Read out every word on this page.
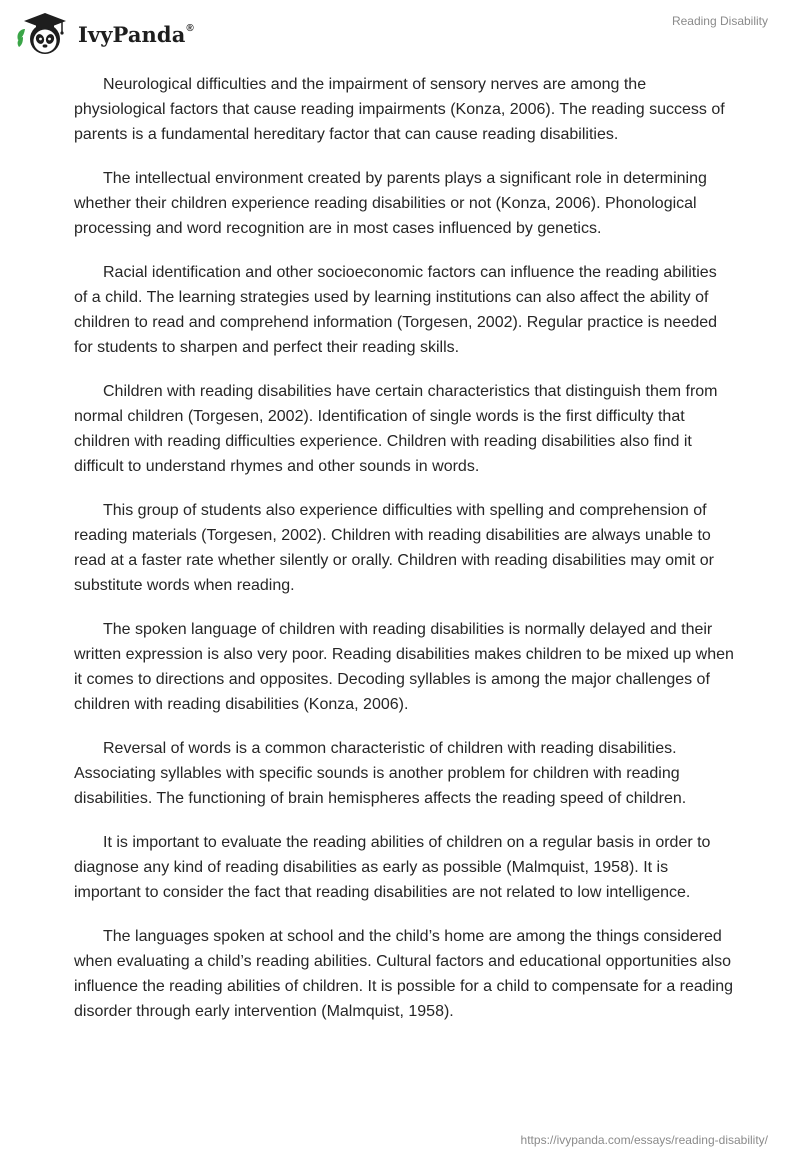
IvyPanda®	Reading Disability

Neurological difficulties and the impairment of sensory nerves are among the physiological factors that cause reading impairments (Konza, 2006). The reading success of parents is a fundamental hereditary factor that can cause reading disabilities.

The intellectual environment created by parents plays a significant role in determining whether their children experience reading disabilities or not (Konza, 2006). Phonological processing and word recognition are in most cases influenced by genetics.

Racial identification and other socioeconomic factors can influence the reading abilities of a child. The learning strategies used by learning institutions can also affect the ability of children to read and comprehend information (Torgesen, 2002). Regular practice is needed for students to sharpen and perfect their reading skills.

Children with reading disabilities have certain characteristics that distinguish them from normal children (Torgesen, 2002). Identification of single words is the first difficulty that children with reading difficulties experience. Children with reading disabilities also find it difficult to understand rhymes and other sounds in words.

This group of students also experience difficulties with spelling and comprehension of reading materials (Torgesen, 2002). Children with reading disabilities are always unable to read at a faster rate whether silently or orally. Children with reading disabilities may omit or substitute words when reading.

The spoken language of children with reading disabilities is normally delayed and their written expression is also very poor. Reading disabilities makes children to be mixed up when it comes to directions and opposites. Decoding syllables is among the major challenges of children with reading disabilities (Konza, 2006).

Reversal of words is a common characteristic of children with reading disabilities. Associating syllables with specific sounds is another problem for children with reading disabilities. The functioning of brain hemispheres affects the reading speed of children.

It is important to evaluate the reading abilities of children on a regular basis in order to diagnose any kind of reading disabilities as early as possible (Malmquist, 1958). It is important to consider the fact that reading disabilities are not related to low intelligence.

The languages spoken at school and the child’s home are among the things considered when evaluating a child’s reading abilities. Cultural factors and educational opportunities also influence the reading abilities of children. It is possible for a child to compensate for a reading disorder through early intervention (Malmquist, 1958).

https://ivypanda.com/essays/reading-disability/
